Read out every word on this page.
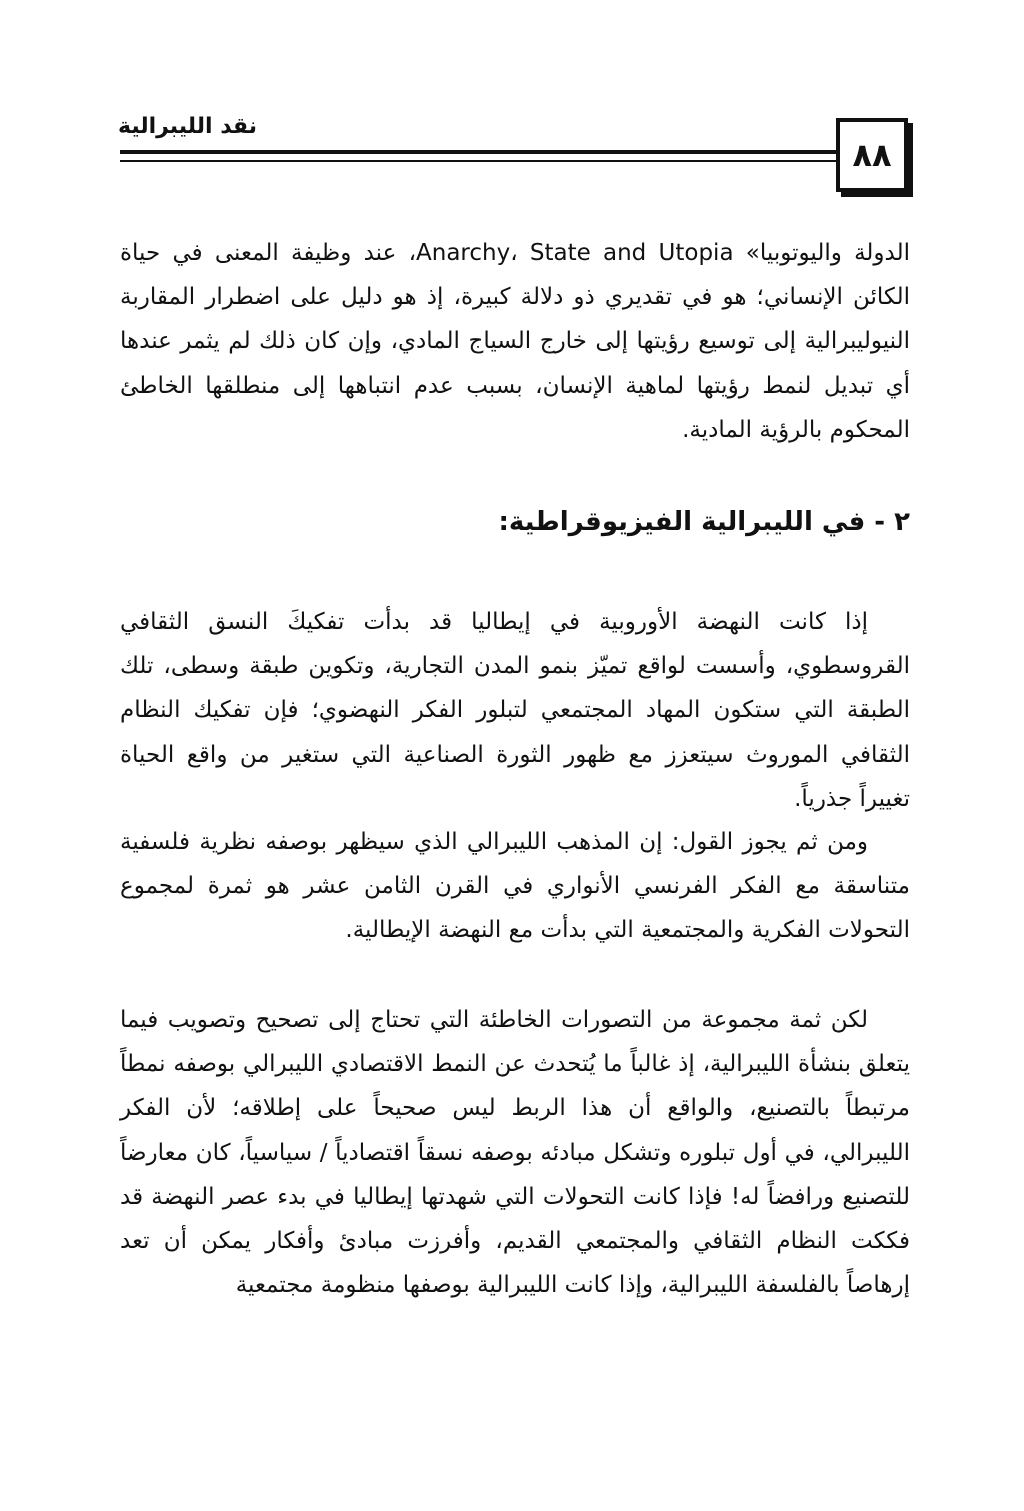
نقد الليبرالية
٨٨

الدولة واليوتوبيا» Anarchy، State and Utopia، عند وظيفة المعنى في حياة الكائن الإنساني؛ هو في تقديري ذو دلالة كبيرة، إذ هو دليل على اضطرار المقاربة النيوليبرالية إلى توسيع رؤيتها إلى خارج السياج المادي، وإن كان ذلك لم يثمر عندها أي تبديل لنمط رؤيتها لماهية الإنسان، بسبب عدم انتباهها إلى منطلقها الخاطئ المحكوم بالرؤية المادية.

٢ - في الليبرالية الفيزيوقراطية:

إذا كانت النهضة الأوروبية في إيطاليا قد بدأت تفكيكَ النسق الثقافي القروسطوي، وأسست لواقع تميّز بنمو المدن التجارية، وتكوين طبقة وسطى، تلك الطبقة التي ستكون المهاد المجتمعي لتبلور الفكر النهضوي؛ فإن تفكيك النظام الثقافي الموروث سيتعزز مع ظهور الثورة الصناعية التي ستغير من واقع الحياة تغييراً جذرياً.

ومن ثم يجوز القول: إن المذهب الليبرالي الذي سيظهر بوصفه نظرية فلسفية متناسقة مع الفكر الفرنسي الأنواري في القرن الثامن عشر هو ثمرة لمجموع التحولات الفكرية والمجتمعية التي بدأت مع النهضة الإيطالية.

لكن ثمة مجموعة من التصورات الخاطئة التي تحتاج إلى تصحيح وتصويب فيما يتعلق بنشأة الليبرالية، إذ غالباً ما يُتحدث عن النمط الاقتصادي الليبرالي بوصفه نمطاً مرتبطاً بالتصنيع، والواقع أن هذا الربط ليس صحيحاً على إطلاقه؛ لأن الفكر الليبرالي، في أول تبلوره وتشكل مبادئه بوصفه نسقاً اقتصادياً / سياسياً، كان معارضاً للتصنيع ورافضاً له! فإذا كانت التحولات التي شهدتها إيطاليا في بدء عصر النهضة قد فككت النظام الثقافي والمجتمعي القديم، وأفرزت مبادئ وأفكار يمكن أن تعد إرهاصاً بالفلسفة الليبرالية، وإذا كانت الليبرالية بوصفها منظومة مجتمعية
